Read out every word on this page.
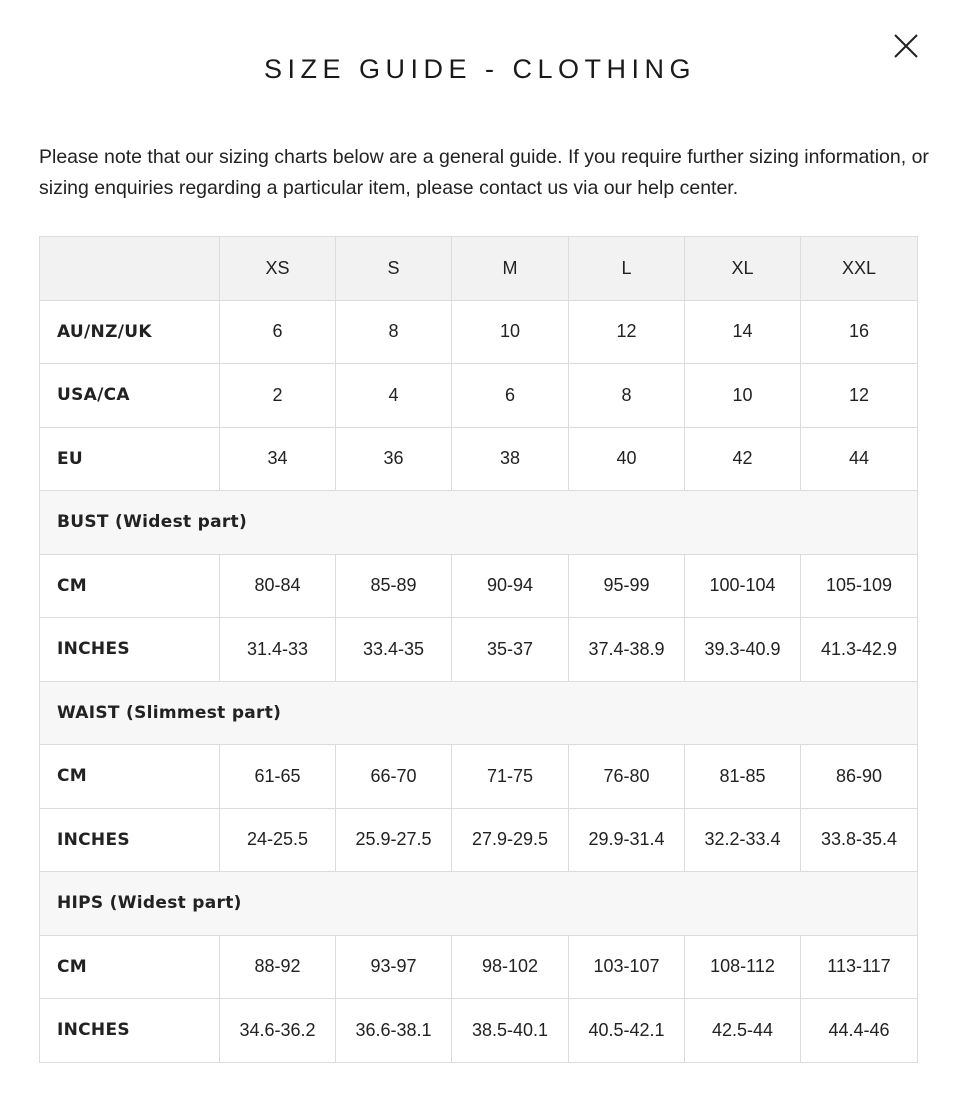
SIZE GUIDE - CLOTHING

Please note that our sizing charts below are a general guide. If you require further sizing information, or sizing enquiries regarding a particular item, please contact us via our help center.

	XS	S	M	L	XL	XXL
AU/NZ/UK	6	8	10	12	14	16
USA/CA	2	4	6	8	10	12
EU	34	36	38	40	42	44
BUST (Widest part)						
CM	80-84	85-89	90-94	95-99	100-104	105-109
INCHES	31.4-33	33.4-35	35-37	37.4-38.9	39.3-40.9	41.3-42.9
WAIST (Slimmest part)						
CM	61-65	66-70	71-75	76-80	81-85	86-90
INCHES	24-25.5	25.9-27.5	27.9-29.5	29.9-31.4	32.2-33.4	33.8-35.4
HIPS (Widest part)						
CM	88-92	93-97	98-102	103-107	108-112	113-117
INCHES	34.6-36.2	36.6-38.1	38.5-40.1	40.5-42.1	42.5-44	44.4-46
